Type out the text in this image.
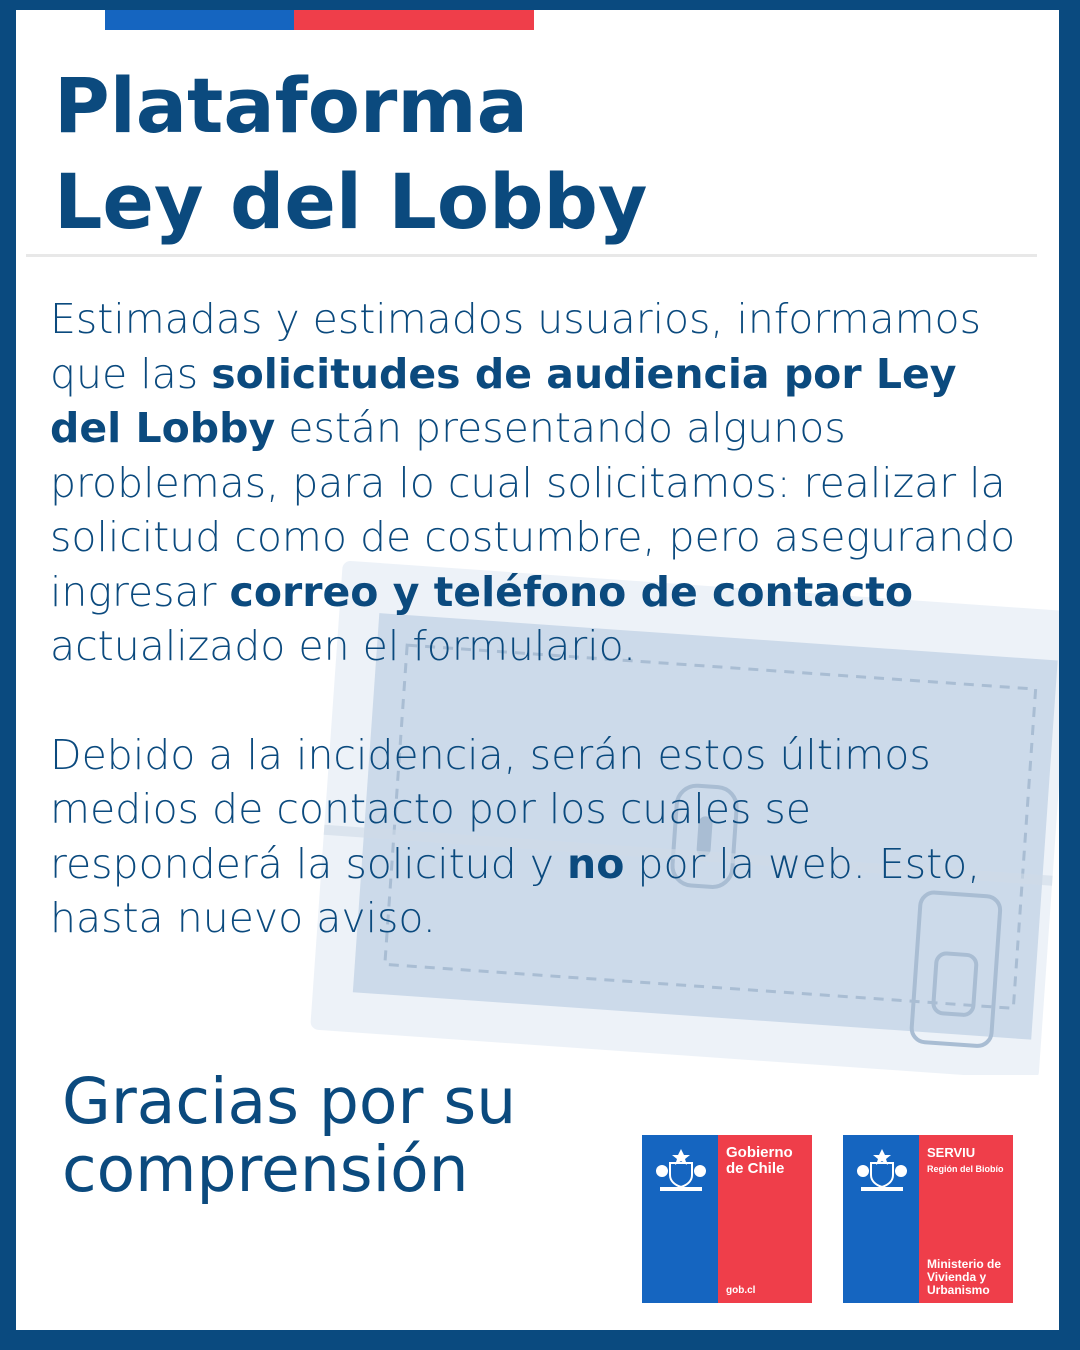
Plataforma
Ley del Lobby

Estimadas y estimados usuarios, informamos que las solicitudes de audiencia por Ley del Lobby están presentando algunos problemas, para lo cual solicitamos: realizar la solicitud como de costumbre, pero asegurando ingresar correo y teléfono de contacto actualizado en el formulario.

Debido a la incidencia, serán estos últimos medios de contacto por los cuales se responderá la solicitud y no por la web. Esto, hasta nuevo aviso.

Gracias por su
comprensión	Gobierno
de Chile
gob.cl
SERVIU
Región del Biobío
Ministerio de
Vivienda y
Urbanismo
